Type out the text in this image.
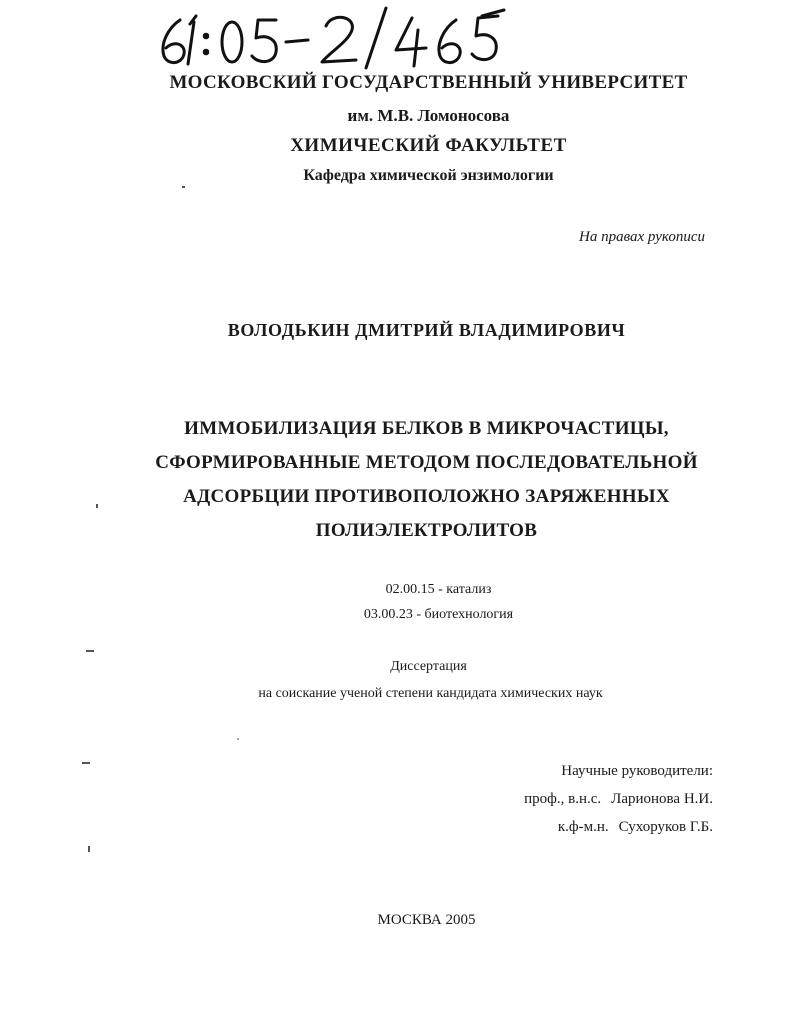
МОСКОВСКИЙ ГОСУДАРСТВЕННЫЙ УНИВЕРСИТЕТ
им. М.В. Ломоносова
ХИМИЧЕСКИЙ ФАКУЛЬТЕТ
Кафедра химической энзимологии
На правах рукописи
ВОЛОДЬКИН ДМИТРИЙ ВЛАДИМИРОВИЧ
ИММОБИЛИЗАЦИЯ БЕЛКОВ В МИКРОЧАСТИЦЫ,
СФОРМИРОВАННЫЕ МЕТОДОМ ПОСЛЕДОВАТЕЛЬНОЙ
АДСОРБЦИИ ПРОТИВОПОЛОЖНО ЗАРЯЖЕННЫХ
ПОЛИЭЛЕКТРОЛИТОВ
02.00.15 - катализ
03.00.23 - биотехнология
Диссертация
на соискание ученой степени кандидата химических наук
Научные руководители:
проф., в.н.с. Ларионова Н.И.
к.ф-м.н. Сухоруков Г.Б.
МОСКВА 2005
